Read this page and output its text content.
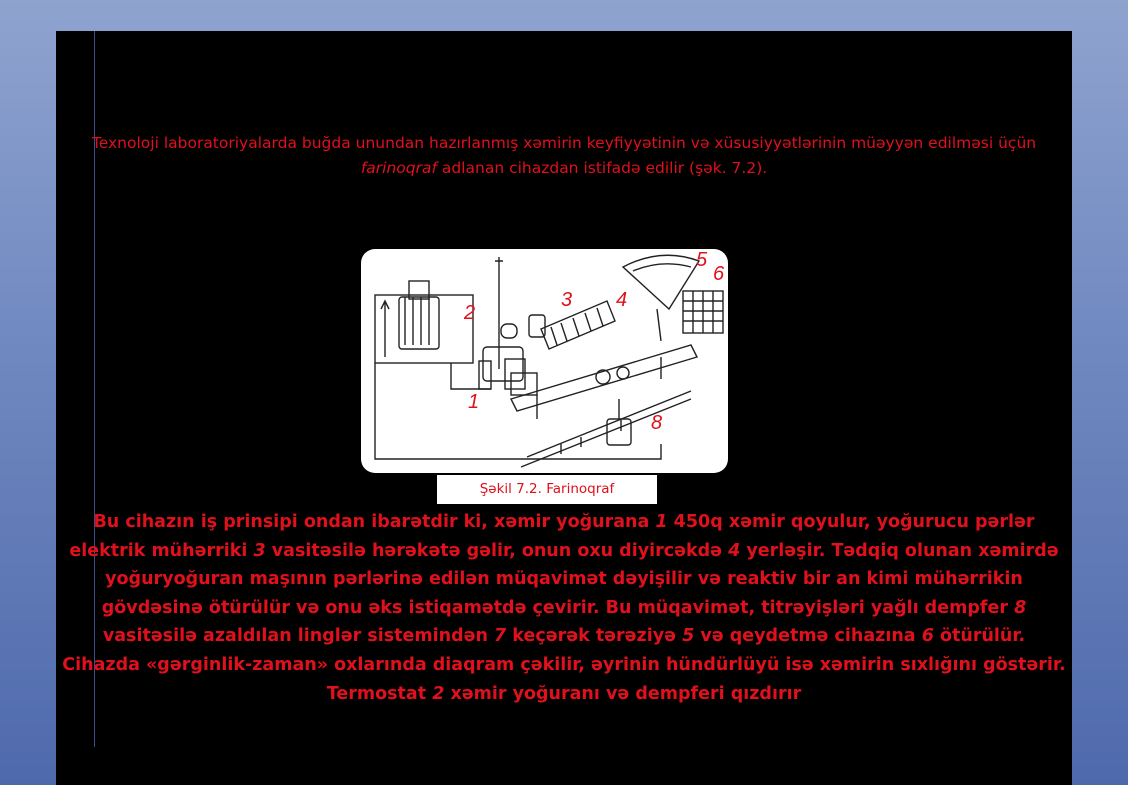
Texnoloji laboratoriyalarda buğda unundan hazırlanmış xəmirin keyfiyyətinin və xüsusiyyətlərinin müəyyən edilməsi üçün farinoqraf adlanan cihazdan istifadə edilir (şək. 7.2).

2
3 4
5
1
8
6
Şəkil 7.2. Farinoqraf

Bu cihazın iş prinsipi ondan ibarətdir ki, xəmir yoğurana 1 450q xəmir qoyulur, yoğurucu pərlər elektrik mühərriki 3 vasitəsilə hərəkətə gəlir, onun oxu diyircəkdə 4 yerləşir. Tədqiq olunan xəmirdə yoğuryoğuran maşının pərlərinə edilən müqavimət dəyişilir və reaktiv bir an kimi mühərrikin gövdəsinə ötürülür və onu əks istiqamətdə çevirir. Bu müqavimət, titrəyişləri yağlı dempfer 8 vasitəsilə azaldılan linglər sistemindən 7 keçərək tərəziyə 5 və qeydetmə cihazına 6 ötürülür. Cihazda «gərginlik-zaman» oxlarında diaqram çəkilir, əyrinin hündürlüyü isə xəmirin sıxlığını göstərir. Termostat 2 xəmir yoğuranı və dempferi qızdırır
